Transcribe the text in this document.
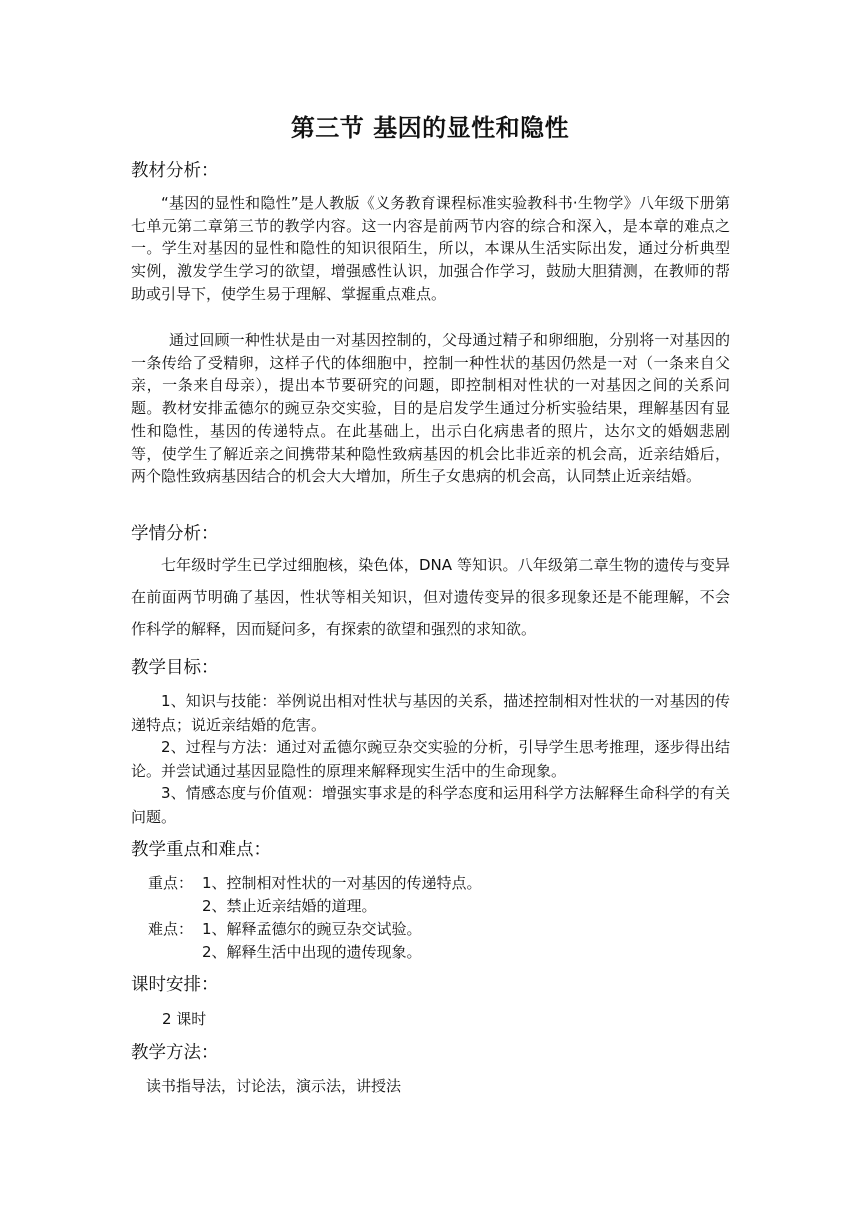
第三节 基因的显性和隐性
教材分析：

“基因的显性和隐性”是人教版《义务教育课程标准实验教科书·生物学》八年级下册第七单元第二章第三节的教学内容。这一内容是前两节内容的综合和深入，是本章的难点之一。学生对基因的显性和隐性的知识很陌生，所以，本课从生活实际出发，通过分析典型实例，激发学生学习的欲望，增强感性认识，加强合作学习，鼓励大胆猜测，在教师的帮助或引导下，使学生易于理解、掌握重点难点。

通过回顾一种性状是由一对基因控制的，父母通过精子和卵细胞，分别将一对基因的一条传给了受精卵，这样子代的体细胞中，控制一种性状的基因仍然是一对（一条来自父亲，一条来自母亲），提出本节要研究的问题，即控制相对性状的一对基因之间的关系问题。教材安排孟德尔的豌豆杂交实验，目的是启发学生通过分析实验结果，理解基因有显性和隐性，基因的传递特点。在此基础上，出示白化病患者的照片，达尔文的婚姻悲剧等，使学生了解近亲之间携带某种隐性致病基因的机会比非近亲的机会高，近亲结婚后，两个隐性致病基因结合的机会大大增加，所生子女患病的机会高，认同禁止近亲结婚。

学情分析：

七年级时学生已学过细胞核，染色体，DNA 等知识。八年级第二章生物的遗传与变异在前面两节明确了基因，性状等相关知识，但对遗传变异的很多现象还是不能理解，不会作科学的解释，因而疑问多，有探索的欲望和强烈的求知欲。

教学目标：

1、知识与技能：举例说出相对性状与基因的关系，描述控制相对性状的一对基因的传递特点；说近亲结婚的危害。

2、过程与方法：通过对孟德尔豌豆杂交实验的分析，引导学生思考推理，逐步得出结论。并尝试通过基因显隐性的原理来解释现实生活中的生命现象。

3、情感态度与价值观：增强实事求是的科学态度和运用科学方法解释生命科学的有关问题。

教学重点和难点：
重点： 1、控制相对性状的一对基因的传递特点。
2、禁止近亲结婚的道理。
难点： 1、解释孟德尔的豌豆杂交试验。
2、解释生活中出现的遗传现象。
课时安排：
2 课时
教学方法：
读书指导法，讨论法，演示法，讲授法
